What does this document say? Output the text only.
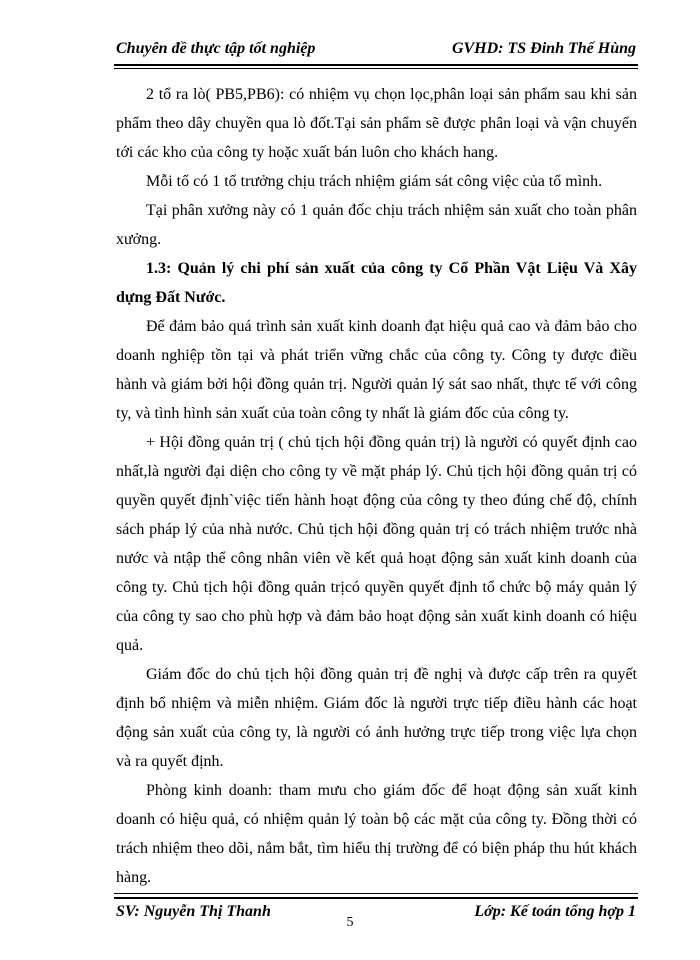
Chuyên đề thực tập tốt nghiệp	GVHD: TS Đinh Thế Hùng

2 tổ ra lò( PB5,PB6): có nhiệm vụ chọn lọc,phân loại sản phẩm sau khi sản phẩm theo dây chuyền qua lò đốt.Tại sản phẩm sẽ được phân loại và vận chuyển tới các kho của công ty hoặc xuất bán luôn cho khách hang.

Mỗi tổ có 1 tổ trưởng chịu trách nhiệm giám sát công việc của tổ mình.

Tại phân xưởng này có 1 quản đốc chịu trách nhiệm sản xuất cho toàn phân xưởng.

1.3: Quản lý chi phí sản xuất của công ty Cổ Phần Vật Liệu Và Xây dựng Đất Nước.

Để đảm bảo quá trình sản xuất kinh doanh đạt hiệu quả cao và đảm bảo cho doanh nghiệp tồn tại và phát triển vững chắc của công ty. Công ty được điều hành và giám bởi hội đồng quản trị. Người quản lý sát sao nhất, thực tế với công ty, và tình hình sản xuất của toàn công ty nhất là giám đốc của công ty.

+ Hội đồng quản trị ( chủ tịch hội đồng quản trị) là người có quyết định cao nhất,là người đại diện cho công ty về mặt pháp lý. Chủ tịch hội đồng quản trị có quyền quyết định`việc tiến hành hoạt động của công ty theo đúng chế độ, chính sách pháp lý của nhà nước. Chủ tịch hội đồng quản trị có trách nhiệm trước nhà nước và ntập thể công nhân viên về kết quả hoạt động sản xuất kinh doanh của công ty. Chủ tịch hội đồng quản trịcó quyền quyết định tổ chức bộ máy quản lý của công ty sao cho phù hợp và đảm bảo hoạt động sản xuất kinh doanh có hiệu quả.

Giám đốc do chủ tịch hội đồng quản trị đề nghị và được cấp trên ra quyết định bổ nhiệm và miễn nhiệm. Giám đốc là người trực tiếp điều hành các hoạt động sản xuất của công ty, là người có ảnh hưởng trực tiếp trong việc lựa chọn và ra quyết định.

Phòng kinh doanh: tham mưu cho giám đốc để hoạt động sản xuất kinh doanh có hiệu quả, có nhiệm quản lý toàn bộ các mặt của công ty. Đồng thời có trách nhiệm theo dõi, nắm bắt, tìm hiểu thị trường để có biện pháp thu hút khách hàng.

SV: Nguyễn Thị Thanh	Lớp: Kế toán tổng hợp 1
5
